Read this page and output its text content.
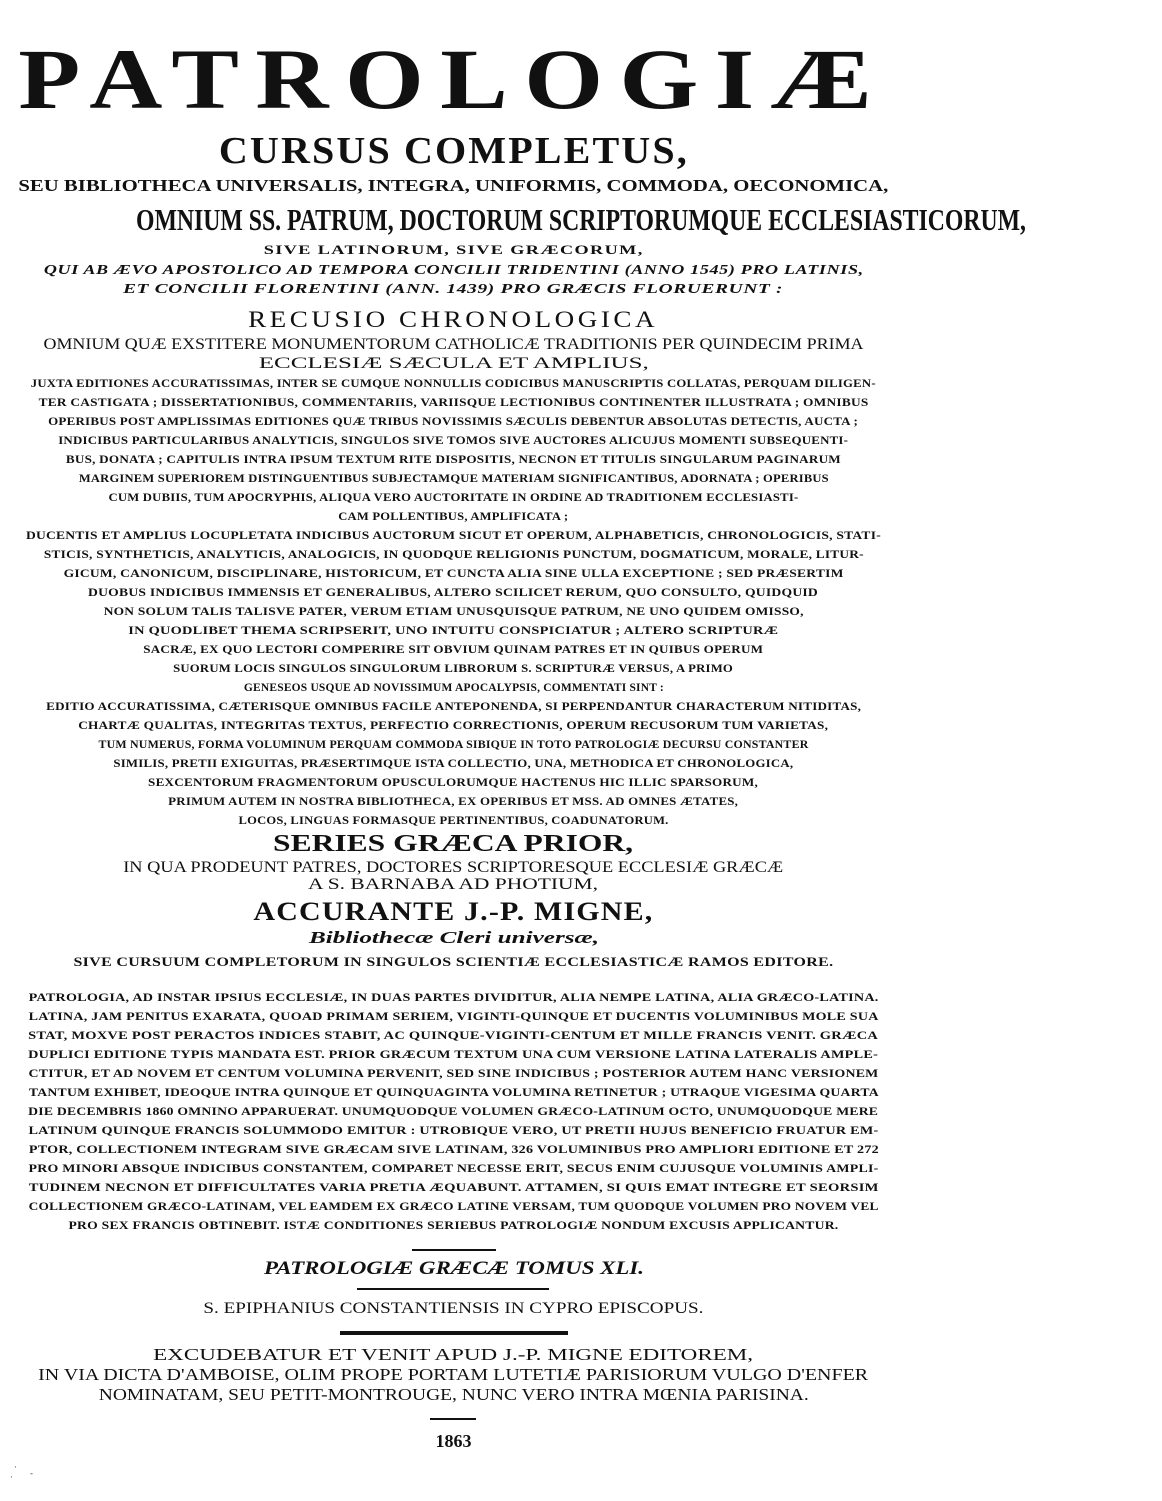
PATROLOGIÆ
CURSUS COMPLETUS,
SEU BIBLIOTHECA UNIVERSALIS, INTEGRA, UNIFORMIS, COMMODA, OECONOMICA,
OMNIUM SS. PATRUM, DOCTORUM SCRIPTORUMQUE ECCLESIASTICORUM,
SIVE LATINORUM, SIVE GRÆCORUM,
QUI AB ÆVO APOSTOLICO AD TEMPORA CONCILII TRIDENTINI (ANNO 1545) PRO LATINIS,
ET CONCILII FLORENTINI (ANN. 1439) PRO GRÆCIS FLORUERUNT :
RECUSIO CHRONOLOGICA
OMNIUM QUÆ EXSTITERE MONUMENTORUM CATHOLICÆ TRADITIONIS PER QUINDECIM PRIMA
ECCLESIÆ SÆCULA ET AMPLIUS,
JUXTA EDITIONES ACCURATISSIMAS, INTER SE CUMQUE NONNULLIS CODICIBUS MANUSCRIPTIS COLLATAS, PERQUAM DILIGEN-
TER CASTIGATA ; DISSERTATIONIBUS, COMMENTARIIS, VARIISQUE LECTIONIBUS CONTINENTER ILLUSTRATA ; OMNIBUS
OPERIBUS POST AMPLISSIMAS EDITIONES QUÆ TRIBUS NOVISSIMIS SÆCULIS DEBENTUR ABSOLUTAS DETECTIS, AUCTA ;
INDICIBUS PARTICULARIBUS ANALYTICIS, SINGULOS SIVE TOMOS SIVE AUCTORES ALICUJUS MOMENTI SUBSEQUENTI-
BUS, DONATA ; CAPITULIS INTRA IPSUM TEXTUM RITE DISPOSITIS, NECNON ET TITULIS SINGULARUM PAGINARUM
MARGINEM SUPERIOREM DISTINGUENTIBUS SUBJECTAMQUE MATERIAM SIGNIFICANTIBUS, ADORNATA ; OPERIBUS
CUM DUBIIS, TUM APOCRYPHIS, ALIQUA VERO AUCTORITATE IN ORDINE AD TRADITIONEM ECCLESIASTI-
CAM POLLENTIBUS, AMPLIFICATA ;
DUCENTIS ET AMPLIUS LOCUPLETATA INDICIBUS AUCTORUM SICUT ET OPERUM, ALPHABETICIS, CHRONOLOGICIS, STATI-
STICIS, SYNTHETICIS, ANALYTICIS, ANALOGICIS, IN QUODQUE RELIGIONIS PUNCTUM, DOGMATICUM, MORALE, LITUR-
GICUM, CANONICUM, DISCIPLINARE, HISTORICUM, ET CUNCTA ALIA SINE ULLA EXCEPTIONE ; SED PRÆSERTIM
DUOBUS INDICIBUS IMMENSIS ET GENERALIBUS, ALTERO SCILICET RERUM, QUO CONSULTO, QUIDQUID
NON SOLUM TALIS TALISVE PATER, VERUM ETIAM UNUSQUISQUE PATRUM, NE UNO QUIDEM OMISSO,
IN QUODLIBET THEMA SCRIPSERIT, UNO INTUITU CONSPICIATUR ; ALTERO SCRIPTURÆ
SACRÆ, EX QUO LECTORI COMPERIRE SIT OBVIUM QUINAM PATRES ET IN QUIBUS OPERUM
SUORUM LOCIS SINGULOS SINGULORUM LIBRORUM S. SCRIPTURÆ VERSUS, A PRIMO
GENESEOS USQUE AD NOVISSIMUM APOCALYPSIS, COMMENTATI SINT :
EDITIO ACCURATISSIMA, CÆTERISQUE OMNIBUS FACILE ANTEPONENDA, SI PERPENDANTUR CHARACTERUM NITIDITAS,
CHARTÆ QUALITAS, INTEGRITAS TEXTUS, PERFECTIO CORRECTIONIS, OPERUM RECUSORUM TUM VARIETAS,
TUM NUMERUS, FORMA VOLUMINUM PERQUAM COMMODA SIBIQUE IN TOTO PATROLOGIÆ DECURSU CONSTANTER
SIMILIS, PRETII EXIGUITAS, PRÆSERTIMQUE ISTA COLLECTIO, UNA, METHODICA ET CHRONOLOGICA,
SEXCENTORUM FRAGMENTORUM OPUSCULORUMQUE HACTENUS HIC ILLIC SPARSORUM,
PRIMUM AUTEM IN NOSTRA BIBLIOTHECA, EX OPERIBUS ET MSS. AD OMNES ÆTATES,
LOCOS, LINGUAS FORMASQUE PERTINENTIBUS, COADUNATORUM.
SERIES GRÆCA PRIOR,
IN QUA PRODEUNT PATRES, DOCTORES SCRIPTORESQUE ECCLESIÆ GRÆCÆ
A S. BARNABA AD PHOTIUM,
ACCURANTE J.-P. MIGNE,
Bibliothecæ Cleri universæ,
SIVE CURSUUM COMPLETORUM IN SINGULOS SCIENTIÆ ECCLESIASTICÆ RAMOS EDITORE.
PATROLOGIA, AD INSTAR IPSIUS ECCLESIÆ, IN DUAS PARTES DIVIDITUR, ALIA NEMPE LATINA, ALIA GRÆCO-LATINA.
LATINA, JAM PENITUS EXARATA, QUOAD PRIMAM SERIEM, VIGINTI-QUINQUE ET DUCENTIS VOLUMINIBUS MOLE SUA
STAT, MOXVE POST PERACTOS INDICES STABIT, AC QUINQUE-VIGINTI-CENTUM ET MILLE FRANCIS VENIT. GRÆCA
DUPLICI EDITIONE TYPIS MANDATA EST. PRIOR GRÆCUM TEXTUM UNA CUM VERSIONE LATINA LATERALIS AMPLE-
CTITUR, ET AD NOVEM ET CENTUM VOLUMINA PERVENIT, SED SINE INDICIBUS ; POSTERIOR AUTEM HANC VERSIONEM
TANTUM EXHIBET, IDEOQUE INTRA QUINQUE ET QUINQUAGINTA VOLUMINA RETINETUR ; UTRAQUE VIGESIMA QUARTA
DIE DECEMBRIS 1860 OMNINO APPARUERAT. UNUMQUODQUE VOLUMEN GRÆCO-LATINUM OCTO, UNUMQUODQUE MERE
LATINUM QUINQUE FRANCIS SOLUMMODO EMITUR : UTROBIQUE VERO, UT PRETII HUJUS BENEFICIO FRUATUR EM-
PTOR, COLLECTIONEM INTEGRAM SIVE GRÆCAM SIVE LATINAM, 326 VOLUMINIBUS PRO AMPLIORI EDITIONE ET 272
PRO MINORI ABSQUE INDICIBUS CONSTANTEM, COMPARET NECESSE ERIT, SECUS ENIM CUJUSQUE VOLUMINIS AMPLI-
TUDINEM NECNON ET DIFFICULTATES VARIA PRETIA ÆQUABUNT. ATTAMEN, SI QUIS EMAT INTEGRE ET SEORSIM
COLLECTIONEM GRÆCO-LATINAM, VEL EAMDEM EX GRÆCO LATINE VERSAM, TUM QUODQUE VOLUMEN PRO NOVEM VEL
PRO SEX FRANCIS OBTINEBIT. ISTÆ CONDITIONES SERIEBUS PATROLOGIÆ NONDUM EXCUSIS APPLICANTUR.
PATROLOGIÆ GRÆCÆ TOMUS XLI.
S. EPIPHANIUS CONSTANTIENSIS IN CYPRO EPISCOPUS.
EXCUDEBATUR ET VENIT APUD J.-P. MIGNE EDITOREM,
IN VIA DICTA D'AMBOISE, OLIM PROPE PORTAM LUTETIÆ PARISIORUM VULGO D'ENFER
NOMINATAM, SEU PETIT-MONTROUGE, NUNC VERO INTRA MŒNIA PARISINA.
1863
·
-
·
